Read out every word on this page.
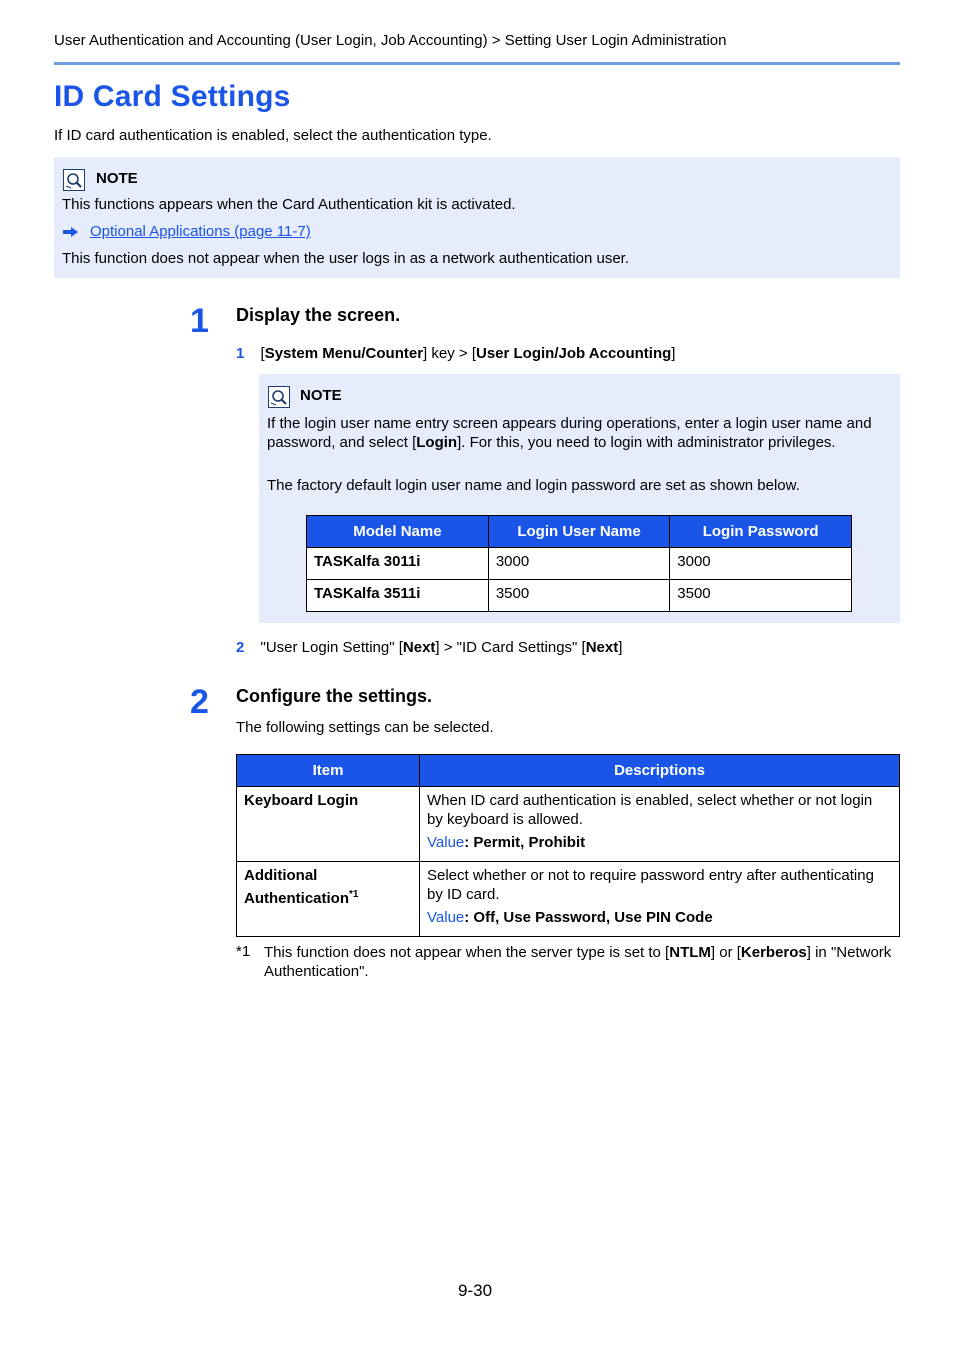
User Authentication and Accounting (User Login, Job Accounting) > Setting User Login Administration
ID Card Settings
If ID card authentication is enabled, select the authentication type.
NOTE
This functions appears when the Card Authentication kit is activated.
Optional Applications (page 11-7)
This function does not appear when the user logs in as a network authentication user.
1 Display the screen.
1 [System Menu/Counter] key > [User Login/Job Accounting]
NOTE
If the login user name entry screen appears during operations, enter a login user name and password, and select [Login]. For this, you need to login with administrator privileges.
The factory default login user name and login password are set as shown below.
Model Name	Login User Name	Login Password
TASKalfa 3011i	3000	3000
TASKalfa 3511i	3500	3500
2 "User Login Setting" [Next] > "ID Card Settings" [Next]
2 Configure the settings.
The following settings can be selected.
Item	Descriptions
Keyboard Login	When ID card authentication is enabled, select whether or not login by keyboard is allowed.
Value: Permit, Prohibit

Additional Authentication$^{*1}$	Select whether or not to require password entry after authenticating by ID card.
Value: Off, Use Password, Use PIN Code
*1 This function does not appear when the server type is set to [NTLM] or [Kerberos] in "Network Authentication".
9-30
